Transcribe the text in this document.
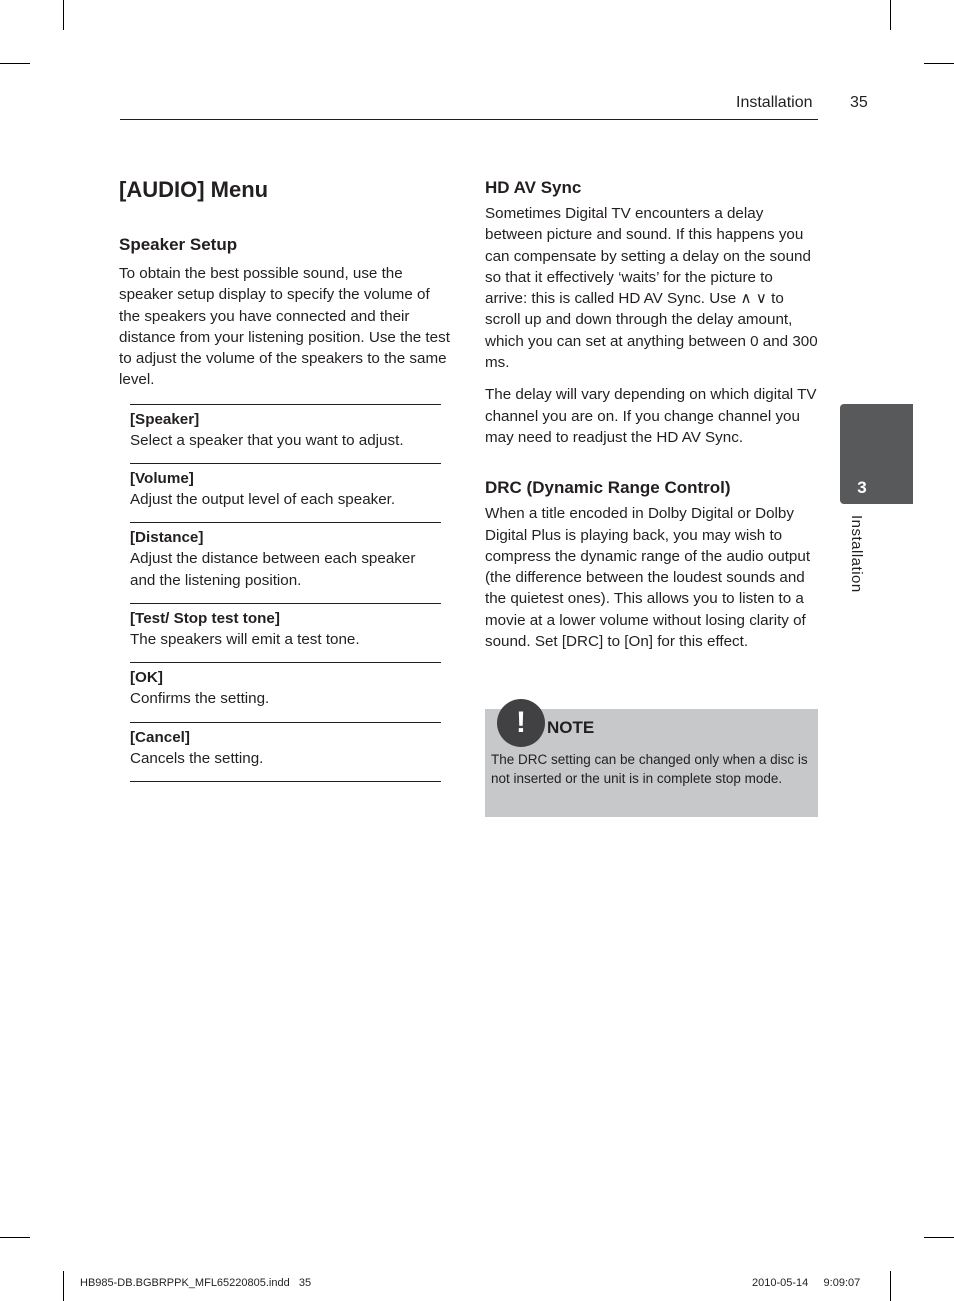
Installation 35
3
Installation
[AUDIO] Menu
Speaker Setup

To obtain the best possible sound, use the speaker setup display to specify the volume of the speakers you have connected and their distance from your listening position. Use the test to adjust the volume of the speakers to the same level.

[Speaker]
Select a speaker that you want to adjust.
[Volume]
Adjust the output level of each speaker.
[Distance]
Adjust the distance between each speaker and the listening position.
[Test/ Stop test tone]
The speakers will emit a test tone.
[OK]
Confirms the setting.
[Cancel]
Cancels the setting.
HD AV Sync

Sometimes Digital TV encounters a delay between picture and sound. If this happens you can compensate by setting a delay on the sound so that it effectively ‘waits’ for the picture to arrive: this is called HD AV Sync. Use ∧ ∨ to scroll up and down through the delay amount, which you can set at anything between 0 and 300 ms.

The delay will vary depending on which digital TV channel you are on. If you change channel you may need to readjust the HD AV Sync.

DRC (Dynamic Range Control)

When a title encoded in Dolby Digital or Dolby Digital Plus is playing back, you may wish to compress the dynamic range of the audio output (the difference between the loudest sounds and the quietest ones). This allows you to listen to a movie at a lower volume without losing clarity of sound. Set [DRC] to [On] for this effect.

!	NOTE
The DRC setting can be changed only when a disc is not inserted or the unit is in complete stop mode.
HB985-DB.BGBRPPK_MFL65220805.indd   35	2010-05-14     9:09:07
